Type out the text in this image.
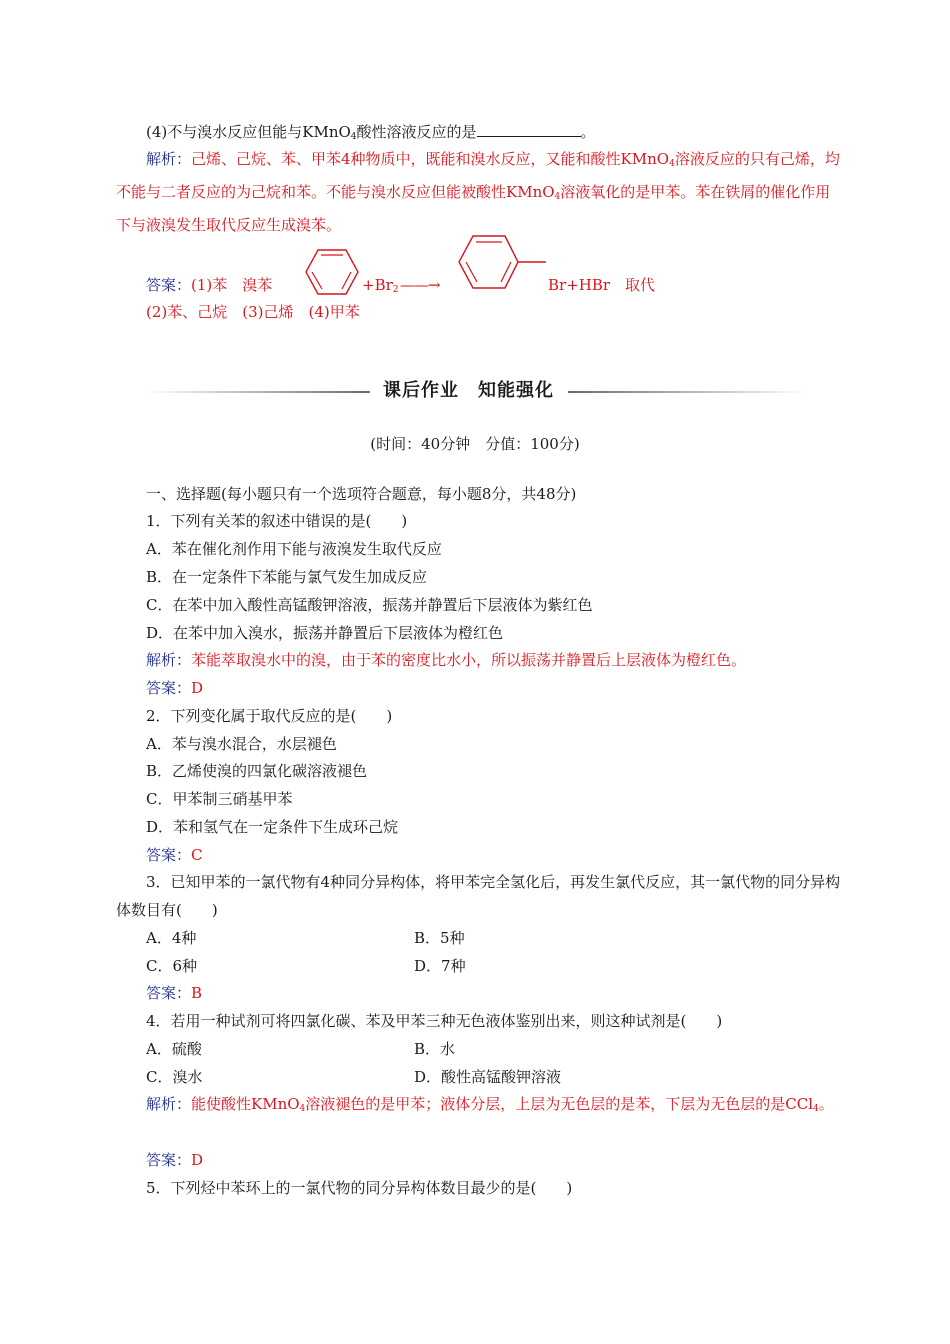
(4)不与溴水反应但能与KMnO$_4$酸性溶液反应的是	。
解析：己烯、己烷、苯、甲苯4种物质中，既能和溴水反应，又能和酸性KMnO$_4$溶液反应的只有己烯，均不能与二者反应的为己烷和苯。不能与溴水反应但能被酸性KMnO$_4$溶液氧化的是甲苯。苯在铁屑的催化作用下与液溴发生取代反应生成溴苯。
答案：(1)苯　溴苯	$+Br_2$ ——→	Br+HBr　取代
(2)苯、己烷　(3)己烯　(4)甲苯
课后作业　知能强化
(时间：40分钟　分值：100分)
一、选择题(每小题只有一个选项符合题意，每小题8分，共48分)
1．下列有关苯的叙述中错误的是(　　)
A．苯在催化剂作用下能与液溴发生取代反应
B．在一定条件下苯能与氯气发生加成反应
C．在苯中加入酸性高锰酸钾溶液，振荡并静置后下层液体为紫红色
D．在苯中加入溴水，振荡并静置后下层液体为橙红色
解析：苯能萃取溴水中的溴，由于苯的密度比水小，所以振荡并静置后上层液体为橙红色。
答案：D
2．下列变化属于取代反应的是(　　)
A．苯与溴水混合，水层褪色
B．乙烯使溴的四氯化碳溶液褪色
C．甲苯制三硝基甲苯
D．苯和氢气在一定条件下生成环己烷
答案：C
3．已知甲苯的一氯代物有4种同分异构体，将甲苯完全氢化后，再发生氯代反应，其一氯代物的同分异构体数目有(　　)
A．4种	B．5种
C．6种	D．7种
答案：B
4．若用一种试剂可将四氯化碳、苯及甲苯三种无色液体鉴别出来，则这种试剂是(　　)
A．硫酸	B．水
C．溴水	D．酸性高锰酸钾溶液
解析：能使酸性KMnO$_4$溶液褪色的是甲苯；液体分层，上层为无色层的是苯，下层为无色层的是CCl$_4$。
答案：D
5．下列烃中苯环上的一氯代物的同分异构体数目最少的是(　　)
